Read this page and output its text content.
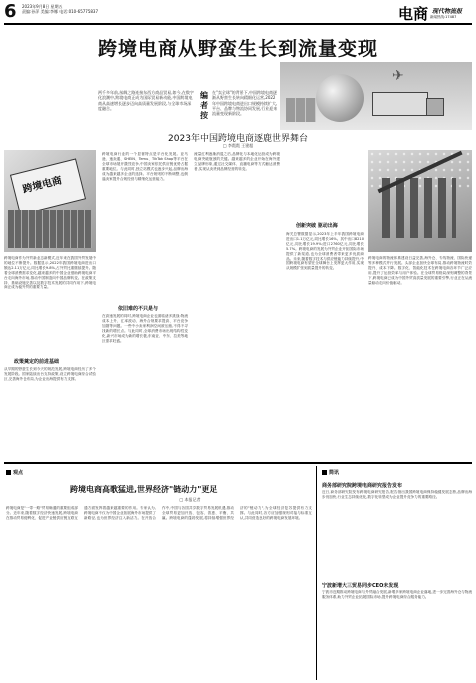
6 2023年9月8日 星期五
责编:孙萍 美编:李娜 电话:010-65775837	电商 现代物流报
新闻热线:17487
跨境电商从野蛮生长到流量变现
两千多年前,丝绸之路连接东西方商品贸易,如今,在数字化浪潮中,跨境电商正成为国际贸易新动能,中国跨境电商从高速增长逐步迈向高质量发展阶段,与全球市场深度融合。
编者按
在"卖全球"的背景下,中国跨境电商逐渐从野蛮生长转向精细化运营,2022年中国跨境电商进出口规模持续扩大,平台、品牌与物流协同发展,行业迎来流量变现新阶段。
✈
2023年中国跨境电商逐鹿世界舞台
□ 李霞霞 王建超
跨境电商
跨境电商作为外贸新业态新模式,近年来在我国外贸发展中的地位不断提升。数据显示,2022年我国跨境电商进出口额达2.11万亿元,同比增长9.8%,占外贸比重继续提升。随着全球消费需求变化,越来越多的中国企业借助跨境电商平台走向海外市场,推动中国制造向中国品牌转变。在政策支持、基础设施完善以及数字技术发展的共同作用下,跨境电商正成为稳外贸的重要力量。
政策奠定的前进基础
从早期的野蛮生长到今天的规范发展,跨境电商经历了多个发展阶段。国家陆续出台支持政策,设立跨境电商综合试验区,完善海外仓布局,为企业出海提供有力支撑。
跨境电商行业的一个显著特点是平台化发展。亚马逊、速卖通、SHEIN、Temu、TikTok Shop等平台在全球市场展开激烈竞争,中国卖家依托供应链优势占据重要地位。与此同时,独立站模式也逐步兴起,品牌出海成为越来越多企业的选择。平台规则的不断调整,也倒逼卖家提升合规经营与精细化运营能力。
依旧难的不只是与
在高速发展的同时,跨境电商企业也面临诸多挑战:物流成本上升、汇率波动、海外合规要求提高、平台竞争加剧等问题。一些中小卖家利润空间被压缩,不得不寻找新的增长点。与此同时,全球消费市场出现结构性变化,新兴市场成为新的增长极,东南亚、中东、拉美等地区需求旺盛。
流量红利逐渐消退之后,品牌化与本地化运营成为跨境电商突破瓶颈的关键。越来越多的企业开始在海外建立品牌形象,通过社交媒体、直播电商等方式触达消费者,实现从卖货到品牌经营的转变。
创新突破 驱动出海
海关总署数据显示,2023年上半年我国跨境电商进出口1.1万亿元,同比增长16%。其中出口8210亿元,同比增长19.9%;进口2760亿元,同比增长5.7%。跨境电商的发展为外贸企业开拓国际市场提供了新渠道,也为全球消费者带来更多优质商品。未来,随着数字技术与供应链能力持续提升,中国跨境电商有望在全球舞台上发挥更大作用,实现从规模扩张到质量提升的转变。
跨境电商的物流体系建设日益完善,海外仓、专线物流、国际快递等多种模式并行发展。头部企业加快全球布局,推动跨境物流时效提升、成本下降。数字化、智能化技术在跨境电商各环节广泛应用,提升了运营效率与用户体验。在全球贸易格局深刻调整的背景下,跨境电商已成为中国外贸高质量发展的重要引擎,行业正在从流量驱动走向价值驱动。
观点
跨境电商高歌猛进,世界经济"链动力"更足
□ 本报记者
跨境电商是"一带一路"贸易畅通的重要组成部分。近年来,随着数字经济快速发展,跨境电商在推动贸易便利化、促进产业链供应链互联互通方面发挥着越来越重要的作用。专家认为,跨境电商不仅为中国企业拓展海外市场提供了新路径,也为世界经济注入新活力。在开放合作中,中国与各国共享数字贸易发展机遇,推动全球贸易更加开放、包容、普惠、平衡、共赢。跨境电商的蓬勃发展,将持续增强世界经济的"链动力",为全球经济复苏提供有力支撑。与此同时,各方应加强规则对接与标准互认,共同营造良好的跨境电商发展环境。
简讯
商务部研究院跨境电商研究报告发布
近日,商务部研究院发布跨境电商研究报告,报告指出我国跨境电商保持稳健发展态势,品牌出海步伐加快,行业生态持续优化,数字化转型成为企业提升竞争力的重要路径。
宁波新增大三贸易同步CEO未发现
宁波市近期推动跨境电商与外贸融合发展,新增多家跨境电商企业落地,进一步完善海外仓与物流服务体系,助力外贸企业拓展国际市场,提升跨境电商综合服务能力。
